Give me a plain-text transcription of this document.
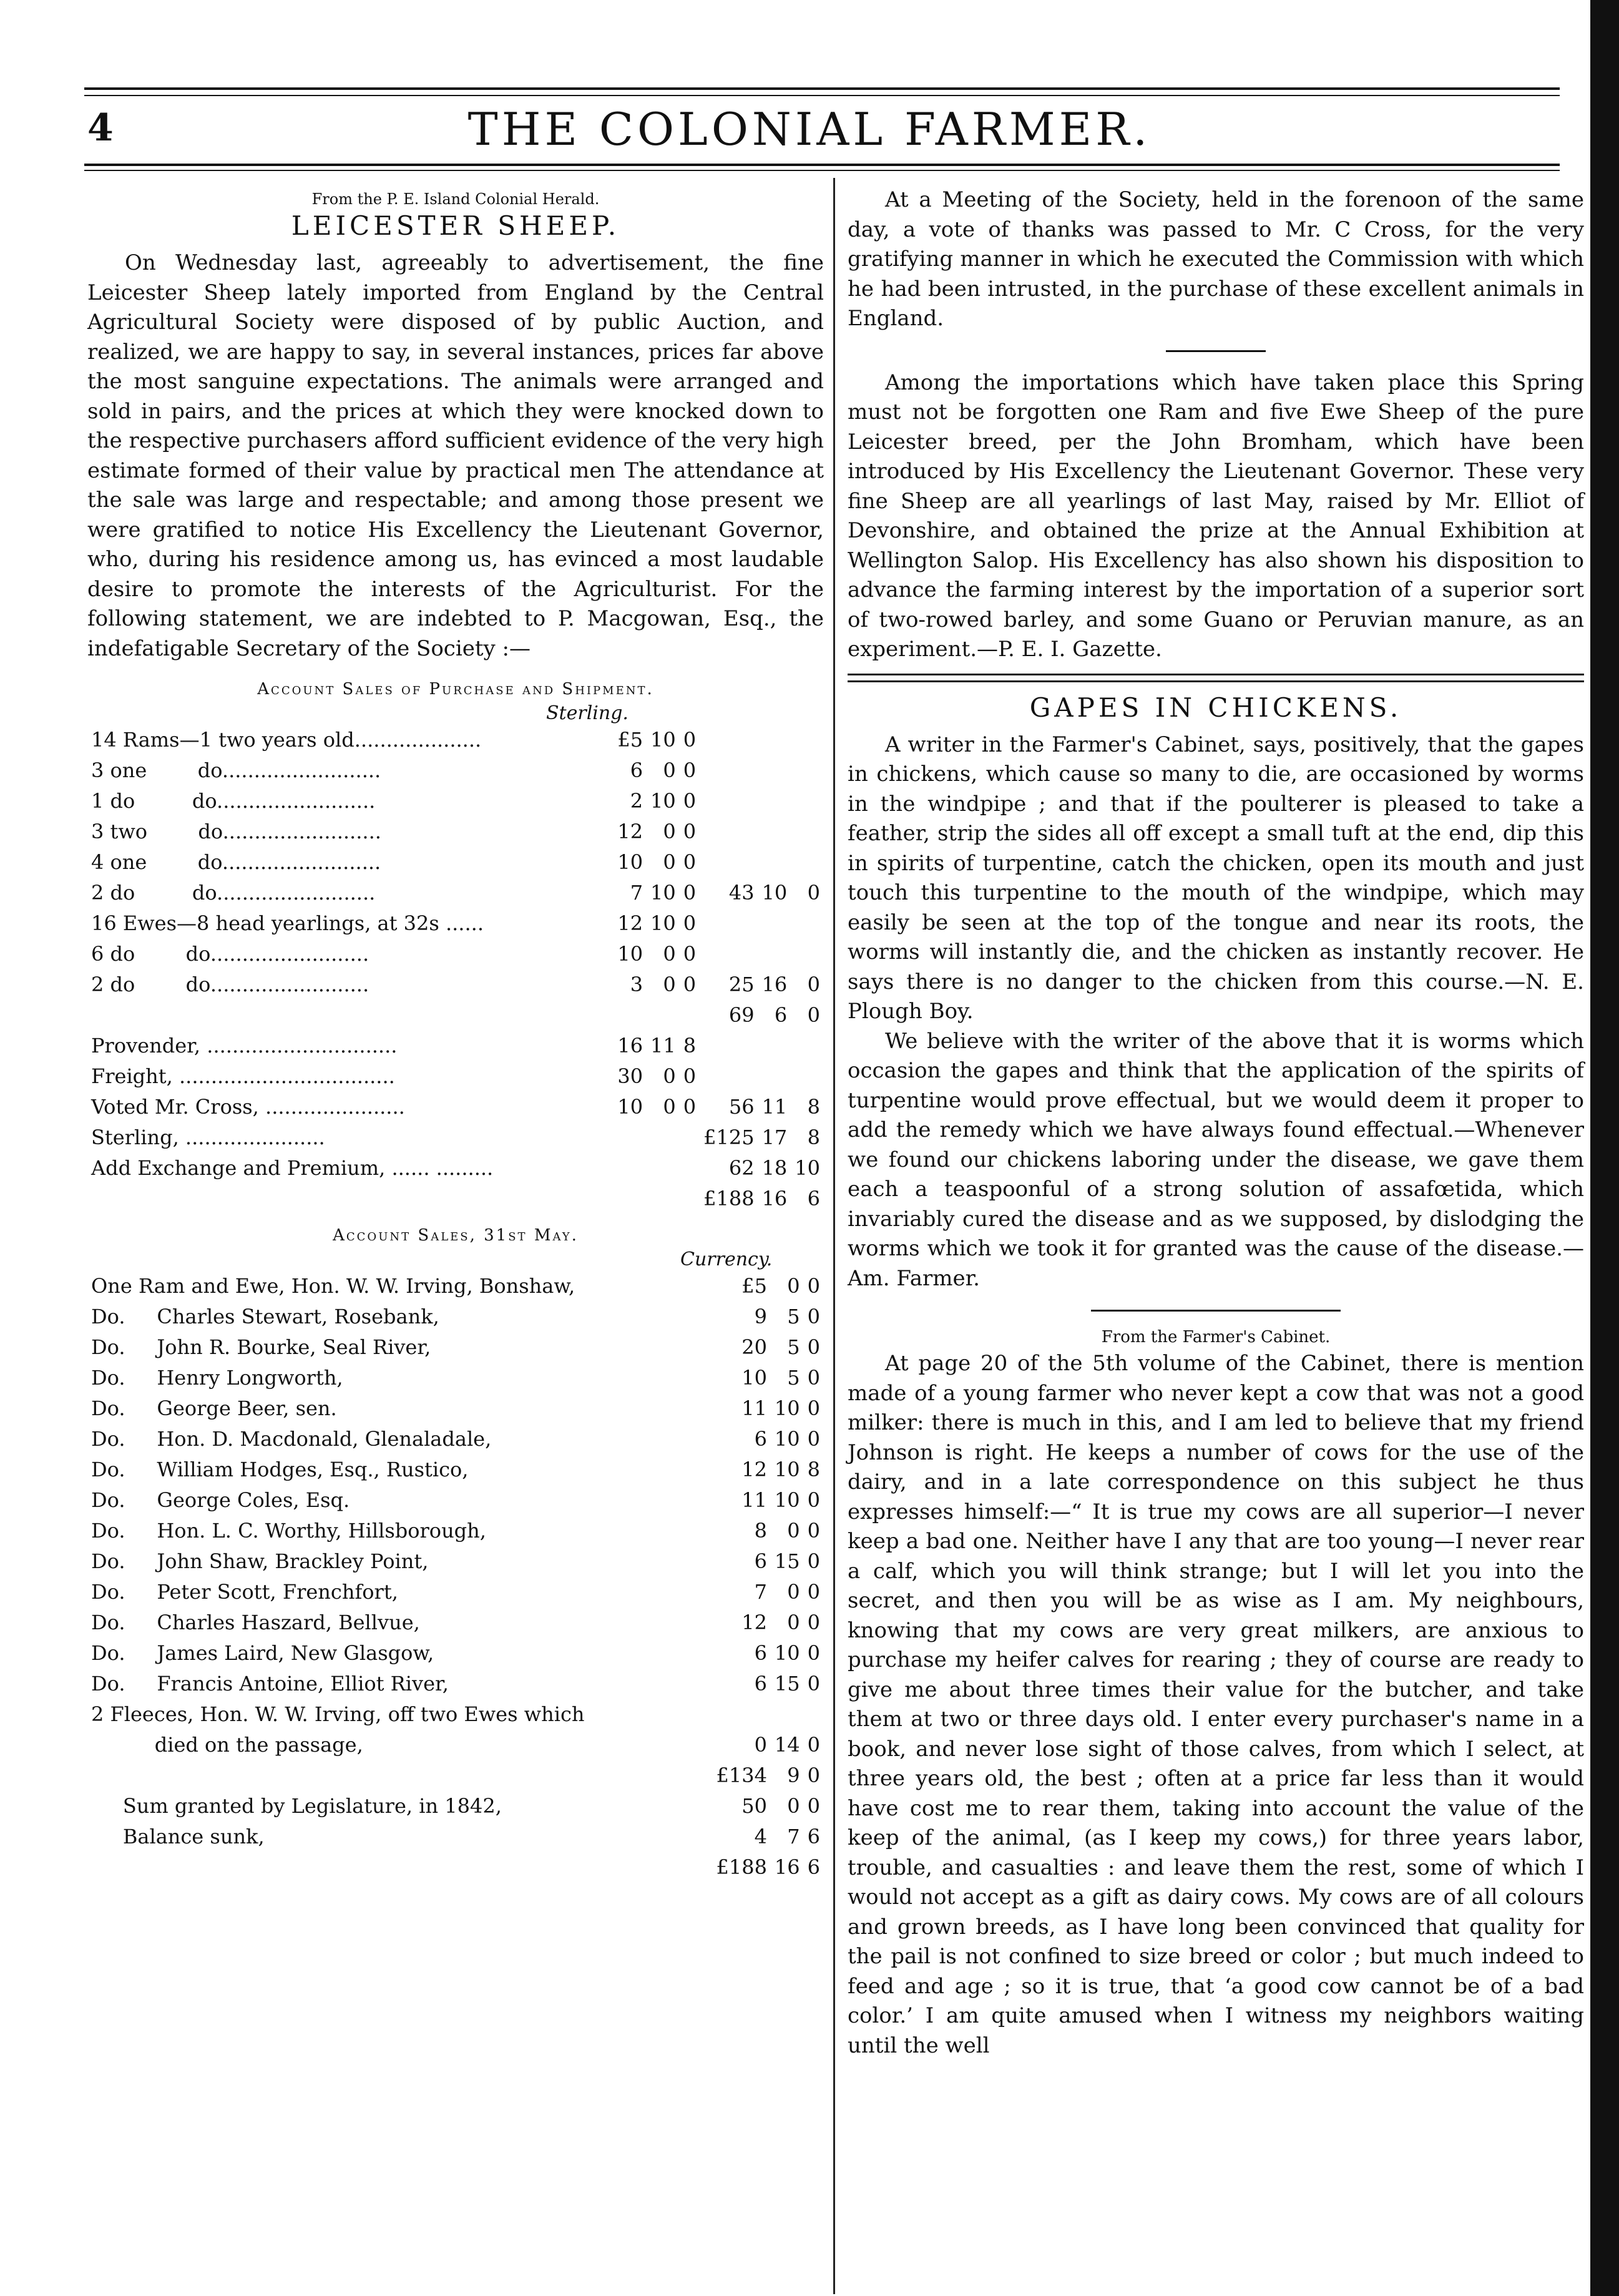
4	THE COLONIAL FARMER.
From the P. E. Island Colonial Herald.
LEICESTER SHEEP.

On Wednesday last, agreeably to advertisement, the fine Leicester Sheep lately imported from England by the Central Agricultural Society were disposed of by public Auction, and realized, we are happy to say, in several instances, prices far above the most sanguine expectations. The animals were arranged and sold in pairs, and the prices at which they were knocked down to the respective purchasers afford sufficient evidence of the very high estimate formed of their value by practical men The attendance at the sale was large and respectable; and among those present we were gratified to notice His Excellency the Lieutenant Governor, who, during his residence among us, has evinced a most laudable desire to promote the interests of the Agriculturist. For the following statement, we are indebted to P. Macgowan, Esq., the indefatigable Secretary of the Society :—

Account Sales of Purchase and Shipment.
Sterling.
14 Rams—1 two years old....................	£5	10	0			
3 one        do.........................	6	0	0			
1 do         do.........................	2	10	0			
3 two        do.........................	12	0	0			
4 one        do.........................	10	0	0			
2 do         do.........................	7	10	0	43	10	0
16 Ewes—8 head yearlings, at 32s ......	12	10	0			
6 do        do.........................	10	0	0			
2 do        do.........................	3	0	0	25	16	0
				69	6	0
Provender, ..............................	16	11	8			
Freight, ..................................	30	0	0			
Voted Mr. Cross, ......................	10	0	0	56	11	8
Sterling, ......................				£125	17	8
Add Exchange and Premium, ...... .........				62	18	10
				£188	16	6
Account Sales, 31st May.
Currency.
One Ram and Ewe, Hon. W. W. Irving, Bonshaw,	£5	0	0
Do.     Charles Stewart, Rosebank,	9	5	0
Do.     John R. Bourke, Seal River,	20	5	0
Do.     Henry Longworth,	10	5	0
Do.     George Beer, sen.	11	10	0
Do.     Hon. D. Macdonald, Glenaladale,	6	10	0
Do.     William Hodges, Esq., Rustico,	12	10	8
Do.     George Coles, Esq.	11	10	0
Do.     Hon. L. C. Worthy, Hillsborough,	8	0	0
Do.     John Shaw, Brackley Point,	6	15	0
Do.     Peter Scott, Frenchfort,	7	0	0
Do.     Charles Haszard, Bellvue,	12	0	0
Do.     James Laird, New Glasgow,	6	10	0
Do.     Francis Antoine, Elliot River,	6	15	0
2 Fleeces, Hon. W. W. Irving, off two Ewes which			
died on the passage,	0	14	0
	£134	9	0
Sum granted by Legislature, in 1842,	50	0	0
Balance sunk,	4	7	6
	£188	16	6

At a Meeting of the Society, held in the forenoon of the same day, a vote of thanks was passed to Mr. C Cross, for the very gratifying manner in which he executed the Commission with which he had been intrusted, in the purchase of these excellent animals in England.

Among the importations which have taken place this Spring must not be forgotten one Ram and five Ewe Sheep of the pure Leicester breed, per the John Bromham, which have been introduced by His Excellency the Lieutenant Governor. These very fine Sheep are all yearlings of last May, raised by Mr. Elliot of Devonshire, and obtained the prize at the Annual Exhibition at Wellington Salop. His Excellency has also shown his disposition to advance the farming interest by the importation of a superior sort of two-rowed barley, and some Guano or Peruvian manure, as an experiment.—P. E. I. Gazette.

GAPES IN CHICKENS.

A writer in the Farmer's Cabinet, says, positively, that the gapes in chickens, which cause so many to die, are occasioned by worms in the windpipe ; and that if the poulterer is pleased to take a feather, strip the sides all off except a small tuft at the end, dip this in spirits of turpentine, catch the chicken, open its mouth and just touch this turpentine to the mouth of the windpipe, which may easily be seen at the top of the tongue and near its roots, the worms will instantly die, and the chicken as instantly recover. He says there is no danger to the chicken from this course.—N. E. Plough Boy.

We believe with the writer of the above that it is worms which occasion the gapes and think that the application of the spirits of turpentine would prove effectual, but we would deem it proper to add the remedy which we have always found effectual.—Whenever we found our chickens laboring under the disease, we gave them each a teaspoonful of a strong solution of assafœtida, which invariably cured the disease and as we supposed, by dislodging the worms which we took it for granted was the cause of the disease.—Am. Farmer.

From the Farmer's Cabinet.

At page 20 of the 5th volume of the Cabinet, there is mention made of a young farmer who never kept a cow that was not a good milker: there is much in this, and I am led to believe that my friend Johnson is right. He keeps a number of cows for the use of the dairy, and in a late correspondence on this subject he thus expresses himself:—“ It is true my cows are all superior—I never keep a bad one. Neither have I any that are too young—I never rear a calf, which you will think strange; but I will let you into the secret, and then you will be as wise as I am. My neighbours, knowing that my cows are very great milkers, are anxious to purchase my heifer calves for rearing ; they of course are ready to give me about three times their value for the butcher, and take them at two or three days old. I enter every purchaser's name in a book, and never lose sight of those calves, from which I select, at three years old, the best ; often at a price far less than it would have cost me to rear them, taking into account the value of the keep of the animal, (as I keep my cows,) for three years labor, trouble, and casualties : and leave them the rest, some of which I would not accept as a gift as dairy cows. My cows are of all colours and grown breeds, as I have long been convinced that quality for the pail is not confined to size breed or color ; but much indeed to feed and age ; so it is true, that ‘a good cow cannot be of a bad color.’ I am quite amused when I witness my neighbors waiting until the well
